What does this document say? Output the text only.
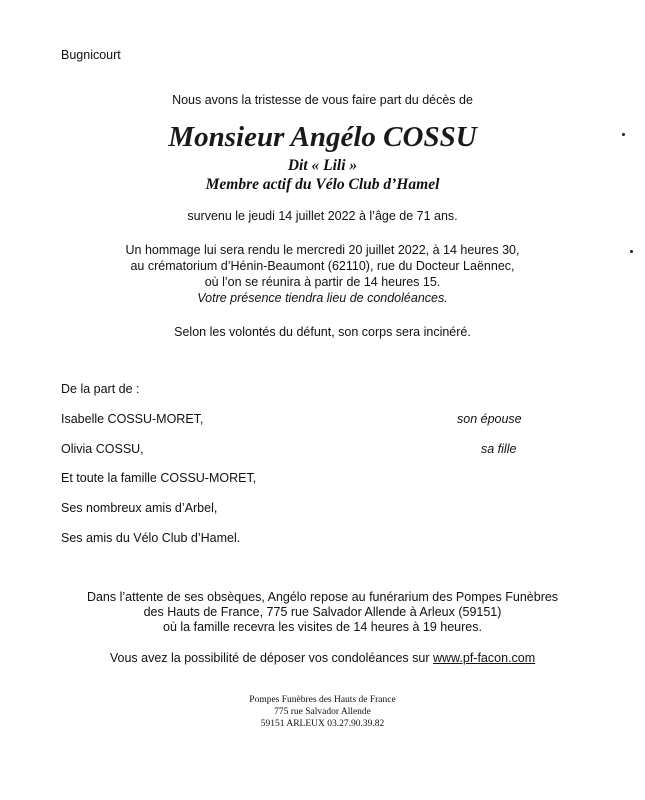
Bugnicourt
Nous avons la tristesse de vous faire part du décès de
Monsieur Angélo COSSU
Dit « Lili »
Membre actif du Vélo Club d’Hamel
survenu le jeudi 14 juillet 2022 à l’âge de 71 ans.
Un hommage lui sera rendu le mercredi 20 juillet 2022, à 14 heures 30,
au crématorium d’Hénin-Beaumont (62110), rue du Docteur Laënnec,
où l’on se réunira à partir de 14 heures 15.
Votre présence tiendra lieu de condoléances.
Selon les volontés du défunt, son corps sera incinéré.
De la part de :
Isabelle COSSU-MORET,	son épouse
Olivia COSSU,	sa fille
Et toute la famille COSSU-MORET,
Ses nombreux amis d’Arbel,
Ses amis du Vélo Club d’Hamel.
Dans l’attente de ses obsèques, Angélo repose au funérarium des Pompes Funèbres
des Hauts de France, 775 rue Salvador Allende à Arleux (59151)
où la famille recevra les visites de 14 heures à 19 heures.
Vous avez la possibilité de déposer vos condoléances sur www.pf-facon.com
Pompes Funèbres des Hauts de France
775 rue Salvador Allende
59151 ARLEUX 03.27.90.39.82
